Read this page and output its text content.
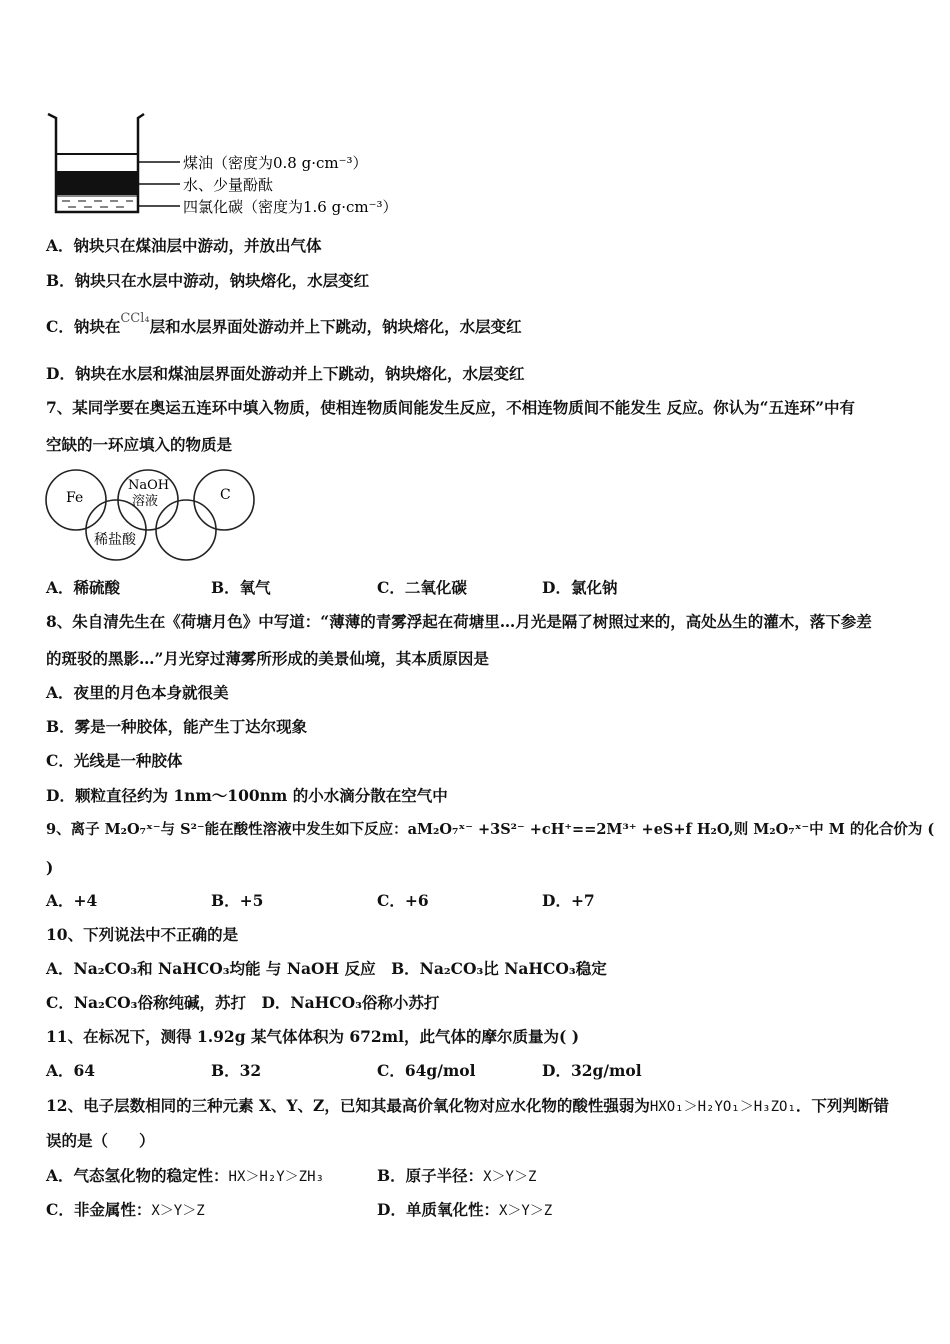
煤油（密度为0.8 g·cm⁻³）
水、少量酚酞
四氯化碳（密度为1.6 g·cm⁻³）
A．钠块只在煤油层中游动，并放出气体
B．钠块只在水层中游动，钠块熔化，水层变红
C．钠块在$^{CCl_4}$层和水层界面处游动并上下跳动，钠块熔化，水层变红
D．钠块在水层和煤油层界面处游动并上下跳动，钠块熔化，水层变红
7、某同学要在奥运五连环中填入物质，使相连物质间能发生反应，不相连物质间不能发生 反应。你认为“五连环”中有
空缺的一环应填入的物质是
Fe
NaOH
溶液	C
稀盐酸
A．稀硫酸	B．氧气	C．二氧化碳	D．氯化钠
8、朱自清先生在《荷塘月色》中写道：“薄薄的青雾浮起在荷塘里…月光是隔了树照过来的，高处丛生的灌木，落下参差
的斑驳的黑影…”月光穿过薄雾所形成的美景仙境，其本质原因是
A．夜里的月色本身就很美
B．雾是一种胶体，能产生丁达尔现象
C．光线是一种胶体
D．颗粒直径约为 1nm～100nm 的小水滴分散在空气中
9、离子 M₂O₇ˣ⁻与 S²⁻能在酸性溶液中发生如下反应：aM₂O₇ˣ⁻ +3S²⁻ +cH⁺==2M³⁺ +eS+f H₂O,则 M₂O₇ˣ⁻中 M 的化合价为 (
)
A．+4	B．+5	C．+6	D．+7
10、下列说法中不正确的是
A．Na₂CO₃和 NaHCO₃均能 与 NaOH 反应　B．Na₂CO₃比 NaHCO₃稳定
C．Na₂CO₃俗称纯碱，苏打　D．NaHCO₃俗称小苏打
11、在标况下，测得 1.92g 某气体体积为 672ml，此气体的摩尔质量为( )
A．64	B．32	C．64g/mol	D．32g/mol
12、电子层数相同的三种元素 X、Y、Z，已知其最高价氧化物对应水化物的酸性强弱为HXO₁＞H₂YO₁＞H₃ZO₁．下列判断错
误的是（　　）
A．气态氢化物的稳定性：HX＞H₂Y＞ZH₃	B．原子半径：X＞Y＞Z
C．非金属性：X＞Y＞Z	D．单质氧化性：X＞Y＞Z
